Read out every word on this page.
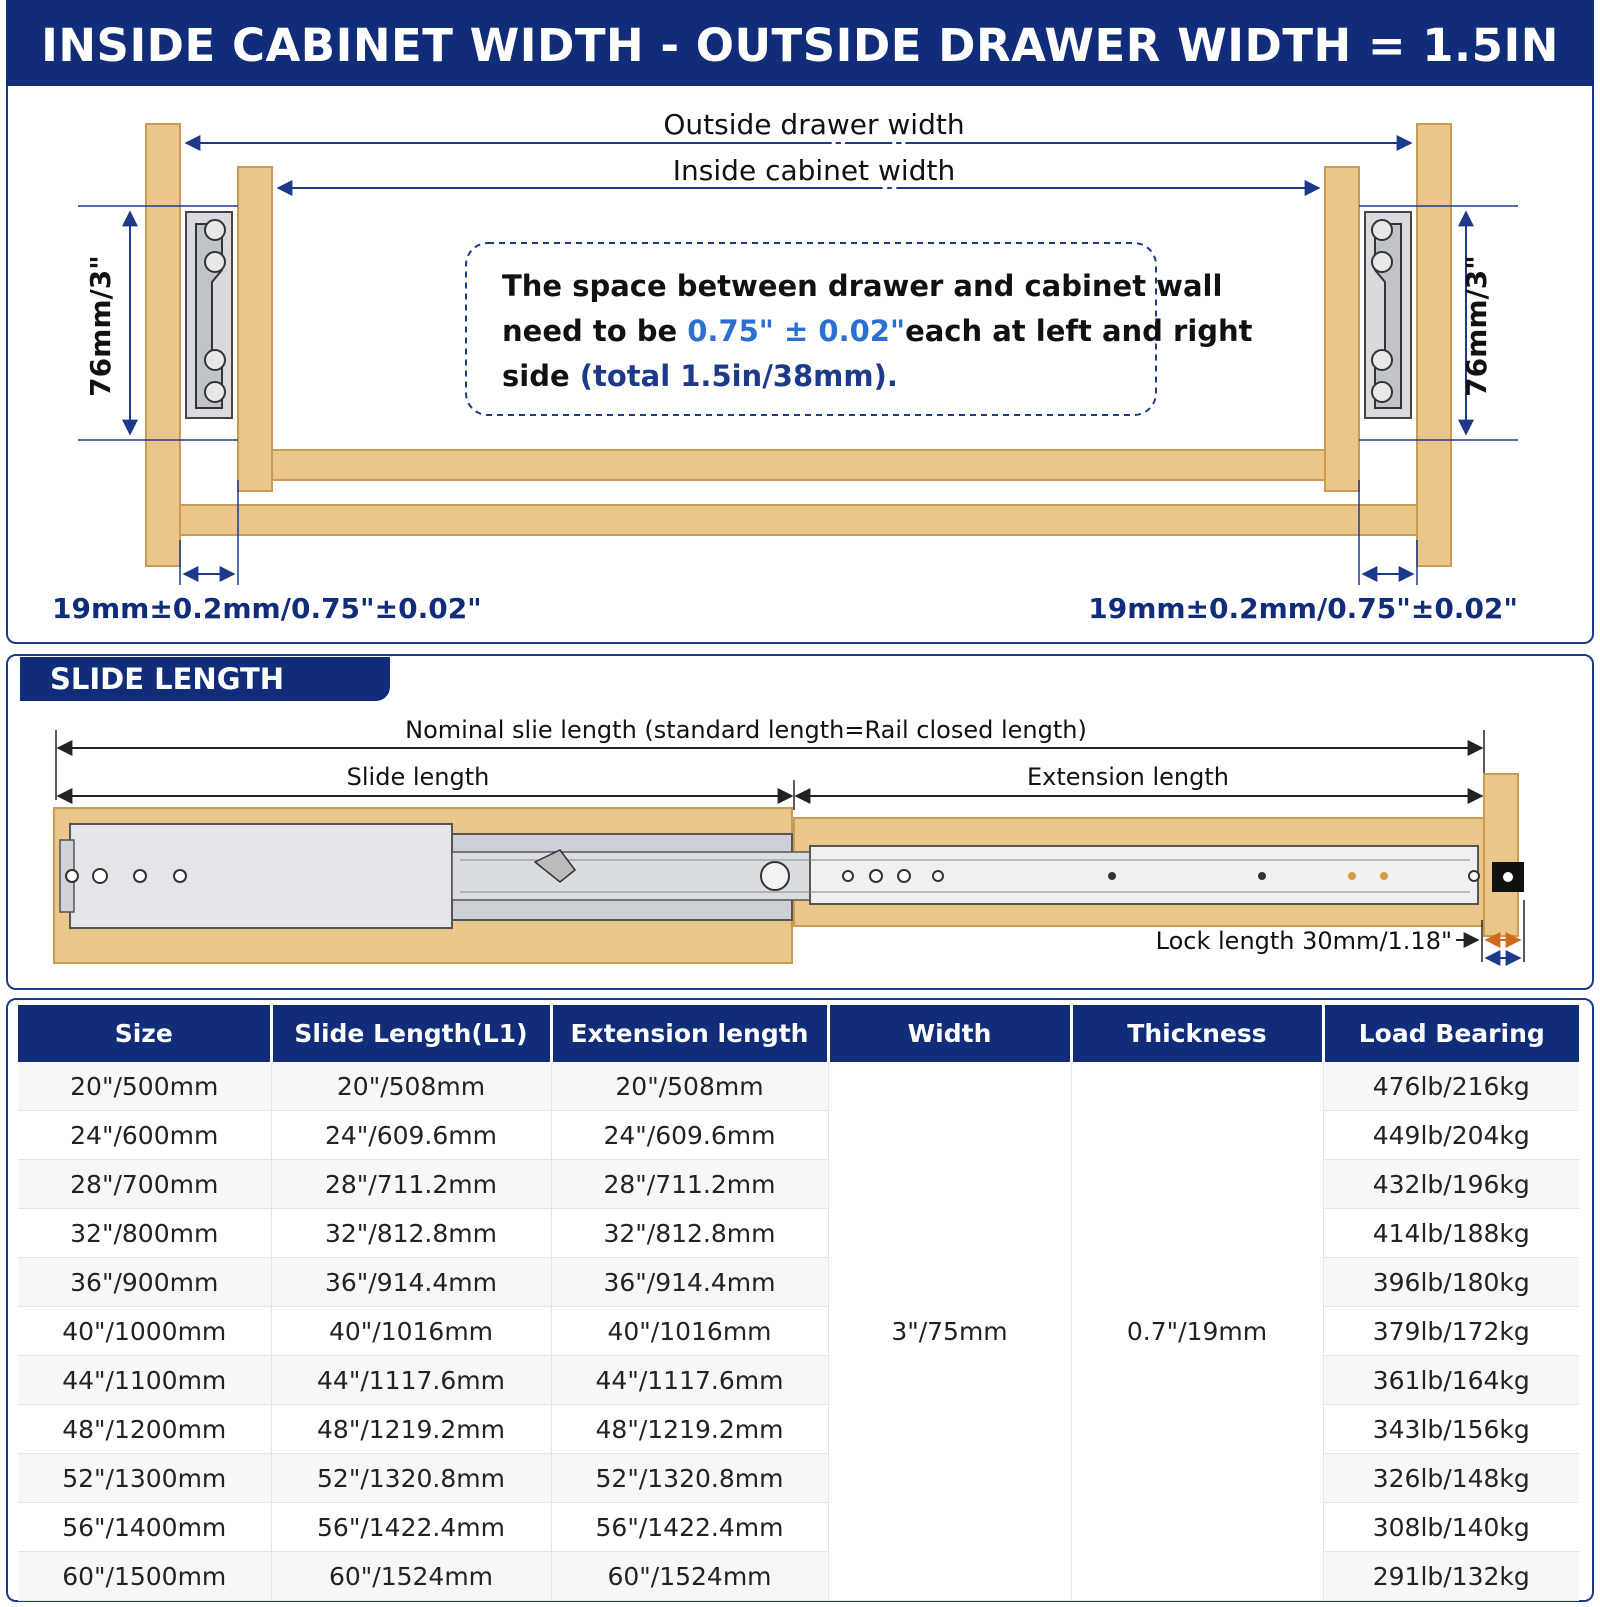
INSIDE CABINET WIDTH - OUTSIDE DRAWER WIDTH = 1.5IN
Outside drawer width
Inside cabinet width
76mm/3"	76mm/3"
19mm±0.2mm/0.75"±0.02"	19mm±0.2mm/0.75"±0.02"
The space between drawer and cabinet wall
need to be 0.75" ± 0.02"each at left and right
side (total 1.5in/38mm).
SLIDE LENGTH GUIDE	Nominal slie length (standard length=Rail closed length)
Slide length	Extension length
Lock length 30mm/1.18"
Size	Slide Length(L1)	Extension length	Width	Thickness	Load Bearing
20"/500mm	20"/508mm	20"/508mm	3"/75mm	0.7"/19mm	476lb/216kg
24"/600mm	24"/609.6mm	24"/609.6mm			449lb/204kg
28"/700mm	28"/711.2mm	28"/711.2mm			432lb/196kg
32"/800mm	32"/812.8mm	32"/812.8mm			414lb/188kg
36"/900mm	36"/914.4mm	36"/914.4mm			396lb/180kg
40"/1000mm	40"/1016mm	40"/1016mm			379lb/172kg
44"/1100mm	44"/1117.6mm	44"/1117.6mm			361lb/164kg
48"/1200mm	48"/1219.2mm	48"/1219.2mm			343lb/156kg
52"/1300mm	52"/1320.8mm	52"/1320.8mm			326lb/148kg
56"/1400mm	56"/1422.4mm	56"/1422.4mm			308lb/140kg
60"/1500mm	60"/1524mm	60"/1524mm			291lb/132kg
